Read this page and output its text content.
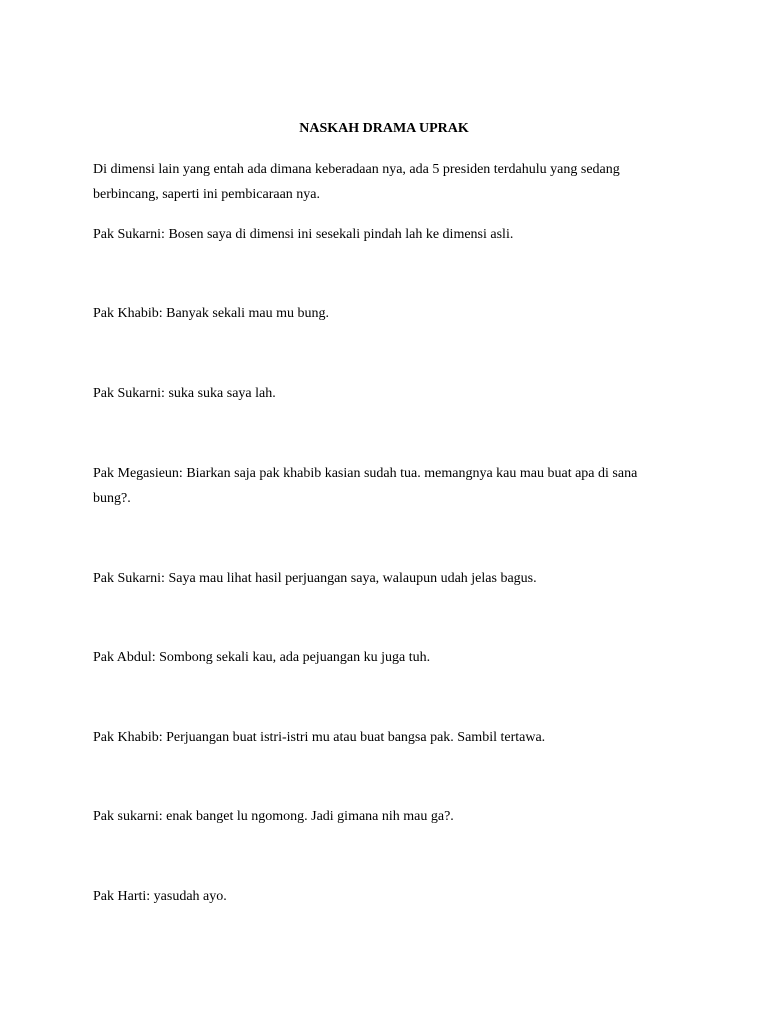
NASKAH DRAMA UPRAK

Di dimensi lain yang entah ada dimana keberadaan nya, ada 5 presiden terdahulu yang sedang berbincang, saperti ini pembicaraan nya.

Pak Sukarni: Bosen saya di dimensi ini sesekali pindah lah ke dimensi asli.

Pak Khabib: Banyak sekali mau mu bung.

Pak Sukarni: suka suka saya lah.

Pak Megasieun: Biarkan saja pak khabib kasian sudah tua. memangnya kau mau buat apa di sana bung?.

Pak Sukarni: Saya mau lihat hasil perjuangan saya, walaupun udah jelas bagus.

Pak Abdul: Sombong sekali kau, ada pejuangan ku juga tuh.

Pak Khabib: Perjuangan buat istri-istri mu atau buat bangsa pak. Sambil tertawa.

Pak sukarni: enak banget lu ngomong. Jadi gimana nih mau ga?.

Pak Harti: yasudah ayo.
